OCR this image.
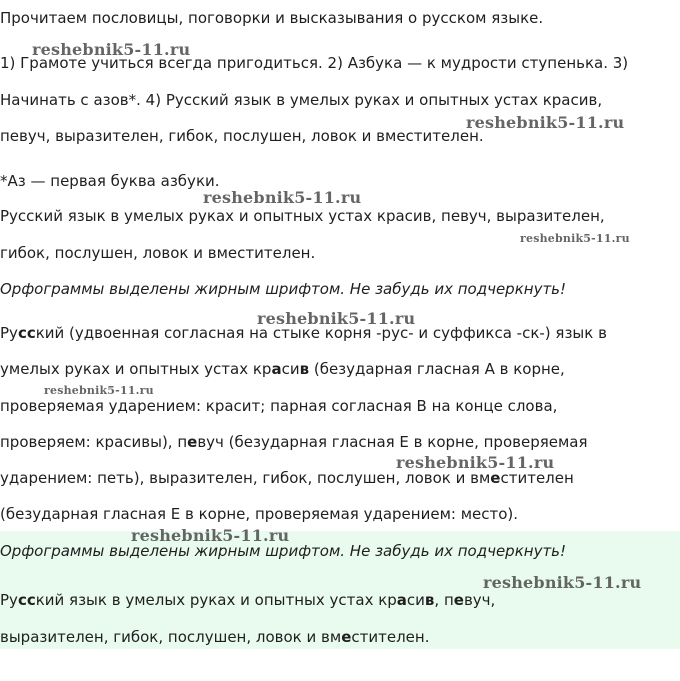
Прочитаем пословицы, поговорки и высказывания о русском языке.

1) Грамоте учиться всегда пригодиться. 2) Азбука — к мудрости ступенька. 3)

Начинать с азов*. 4) Русский язык в умелых руках и опытных устах красив,

певуч, выразителен, гибок, послушен, ловок и вместителен.

*Аз — первая буква азбуки.

Русский язык в умелых руках и опытных устах красив, певуч, выразителен,

гибок, послушен, ловок и вместителен.

Орфограммы выделены жирным шрифтом. Не забудь их подчеркнуть!

Русский (удвоенная согласная на стыке корня -рус- и суффикса -ск-) язык в

умелых руках и опытных устах красив (безударная гласная А в корне,

проверяемая ударением: красит; парная согласная В на конце слова,

проверяем: красивы), певуч (безударная гласная Е в корне, проверяемая

ударением: петь), выразителен, гибок, послушен, ловок и вместителен

(безударная гласная Е в корне, проверяемая ударением: место).

Орфограммы выделены жирным шрифтом. Не забудь их подчеркнуть!

Русский язык в умелых руках и опытных устах красив, певуч,

выразителен, гибок, послушен, ловок и вместителен.

reshebnik5-11.ru
reshebnik5-11.ru
reshebnik5-11.ru
reshebnik5-11.ru
reshebnik5-11.ru
reshebnik5-11.ru
reshebnik5-11.ru
reshebnik5-11.ru
reshebnik5-11.ru
